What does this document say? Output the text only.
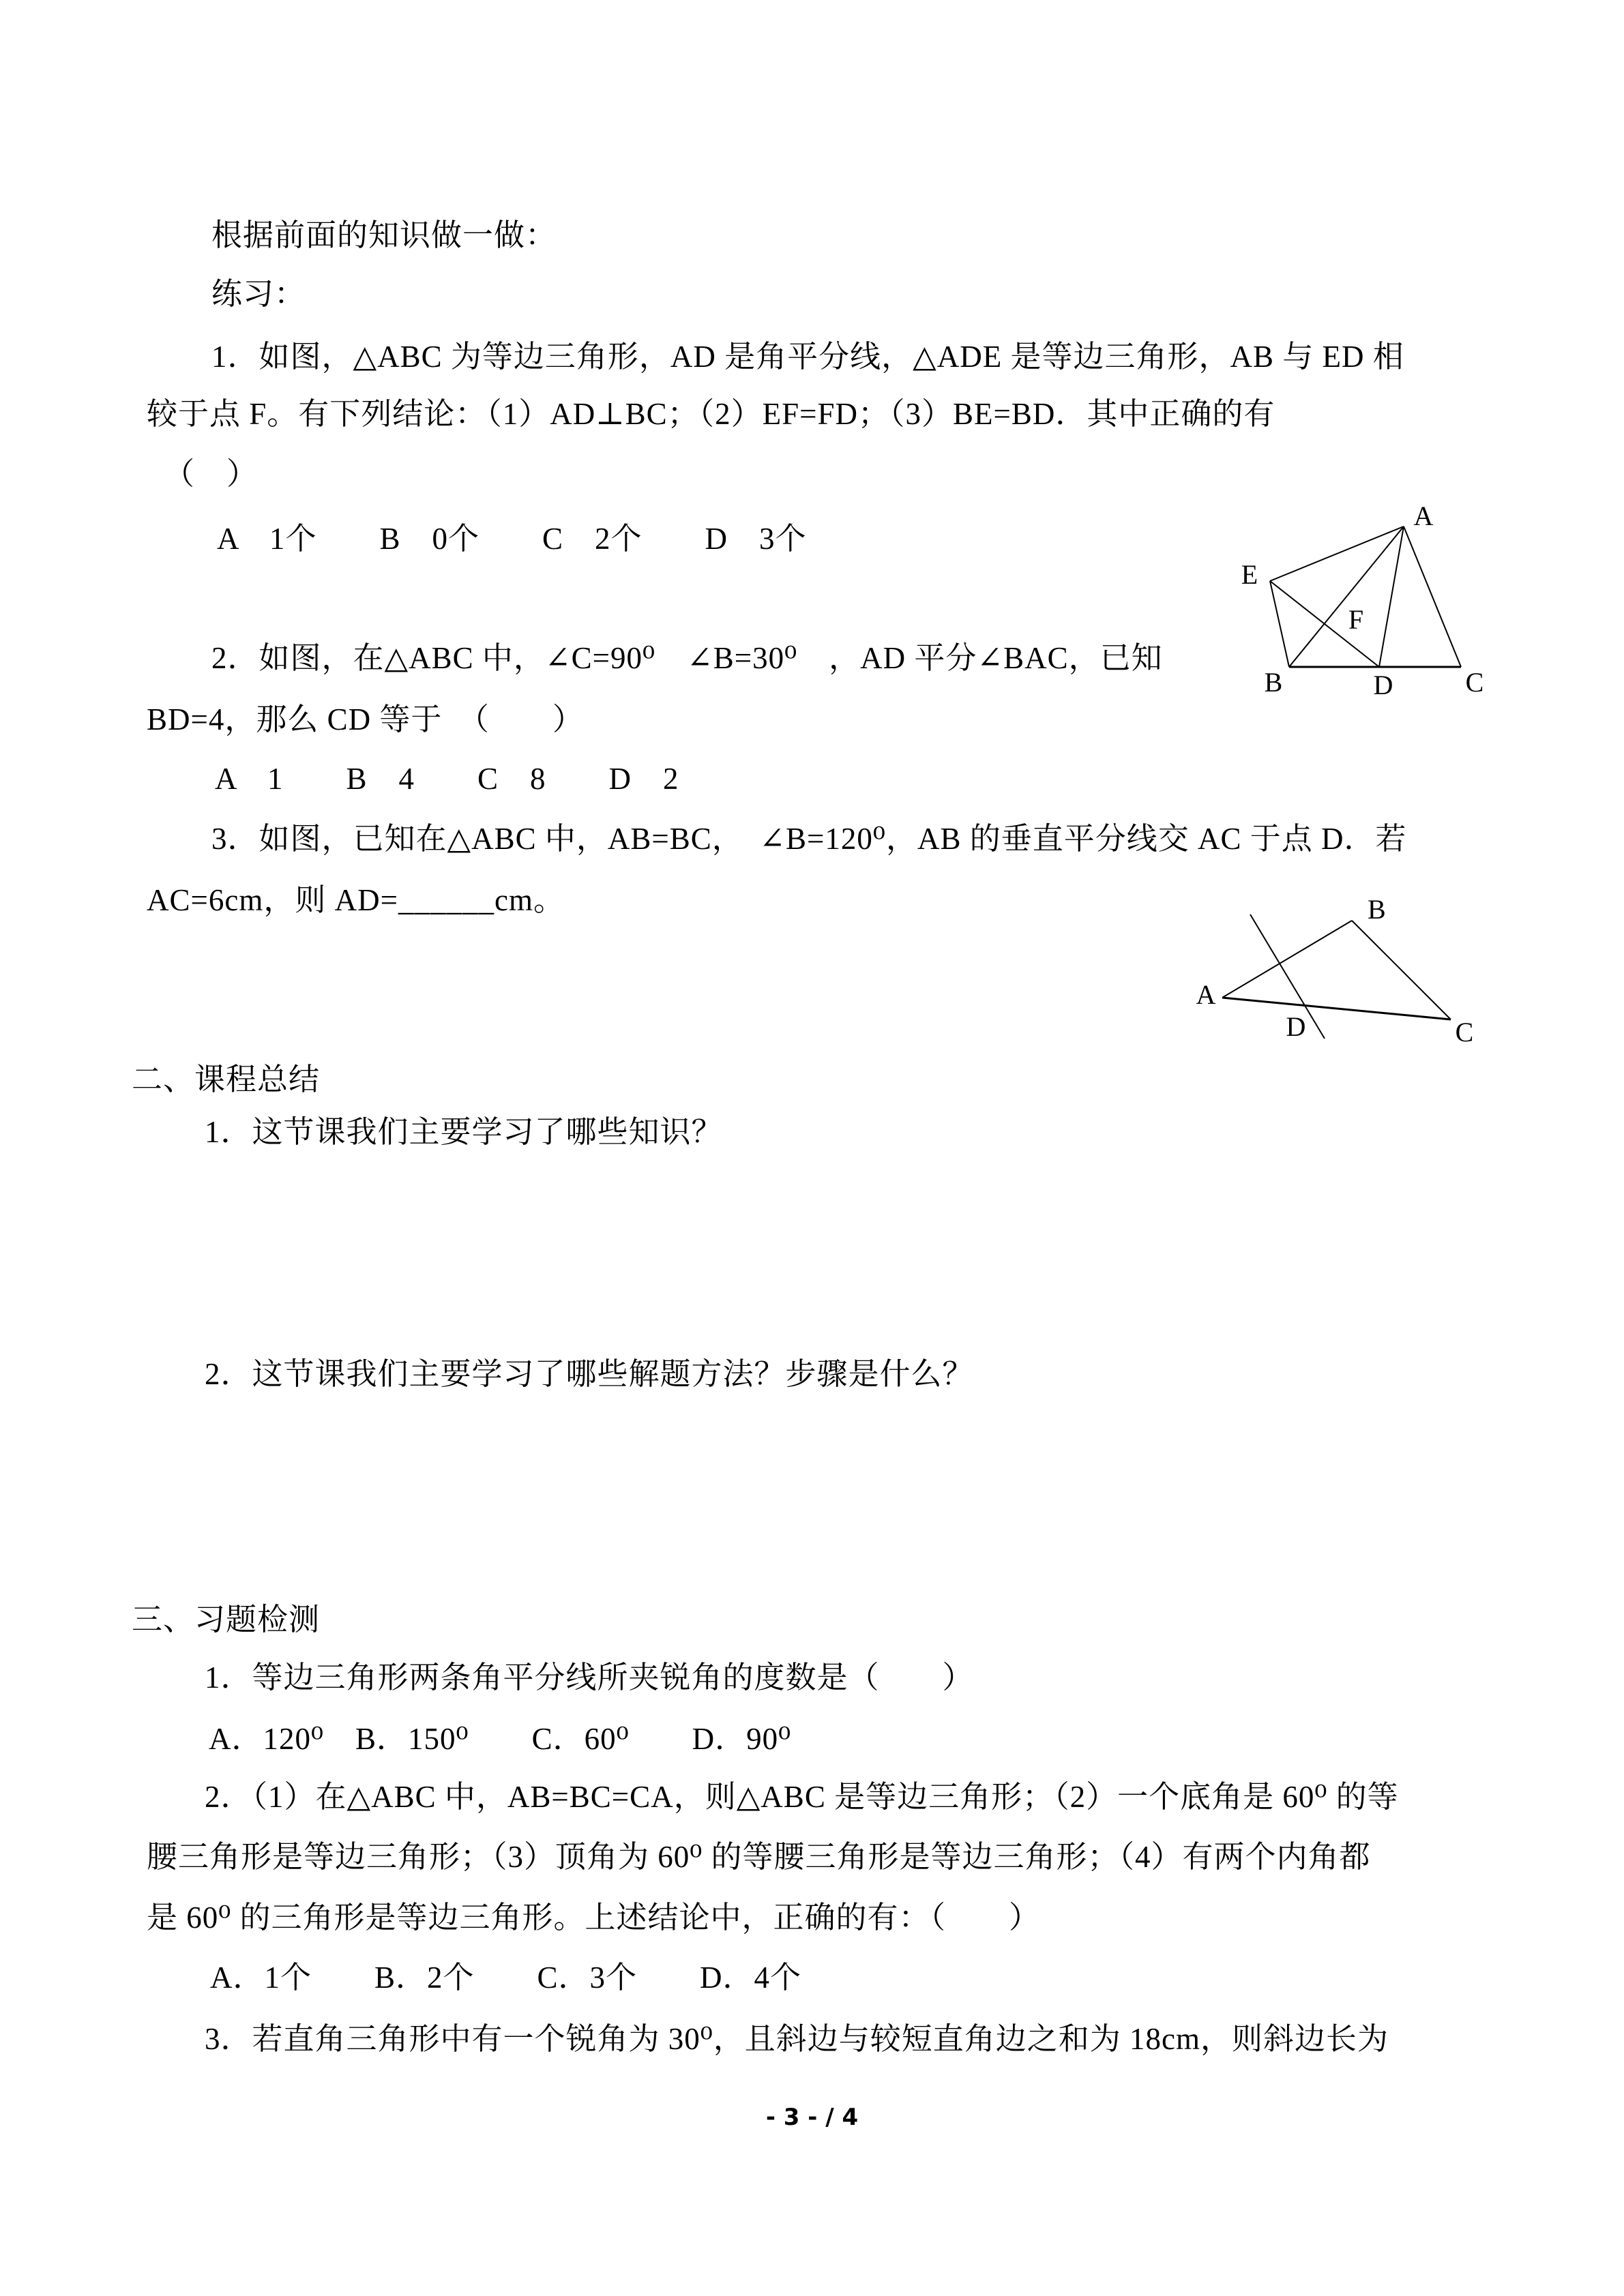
根据前面的知识做一做：
练习：
1．如图，△ABC 为等边三角形，AD 是角平分线，△ADE 是等边三角形，AB 与 ED 相
较于点 F。有下列结论：（1）AD⊥BC；（2）EF=FD；（3）BE=BD．其中正确的有
（　）
A　1个　　B　0个　　C　2个　　D　3个
A
E
B	D	C
F
2．如图，在△ABC 中，∠C=90⁰　∠B=30⁰　，AD 平分∠BAC，已知
BD=4，那么 CD 等于　（　　）
A　1　　B　4　　C　8　　D　2
3．如图，已知在△ABC 中，AB=BC，　∠B=120⁰，AB 的垂直平分线交 AC 于点 D．若
AC=6cm，则 AD=______cm。
A
B
C
D
二、课程总结
1．这节课我们主要学习了哪些知识？
2．这节课我们主要学习了哪些解题方法？步骤是什么？
三、习题检测
1．等边三角形两条角平分线所夹锐角的度数是（　　）
A．120⁰　B．150⁰　　C．60⁰　　D．90⁰
2．（1）在△ABC 中，AB=BC=CA，则△ABC 是等边三角形；（2）一个底角是 60⁰ 的等
腰三角形是等边三角形；（3）顶角为 60⁰ 的等腰三角形是等边三角形；（4）有两个内角都
是 60⁰ 的三角形是等边三角形。上述结论中，正确的有：（　　）
A．1个　　B．2个　　C．3个　　D．4个
3．若直角三角形中有一个锐角为 30⁰，且斜边与较短直角边之和为 18cm，则斜边长为
- 3 - / 4
